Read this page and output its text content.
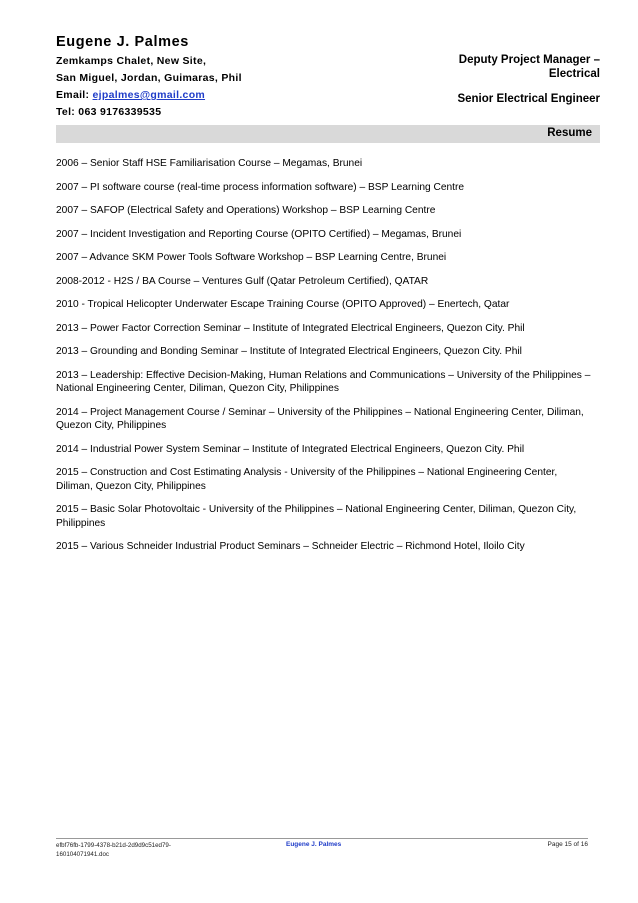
Eugene J. Palmes
Zemkamps Chalet, New Site,
San Miguel, Jordan, Guimaras, Phil
Email: ejpalmes@gmail.com
Tel: 063 9176339535
Deputy Project Manager –
Electrical
Senior Electrical Engineer
Resume

2006 – Senior Staff HSE Familiarisation Course – Megamas, Brunei

2007 – PI software course (real-time process information software) – BSP Learning Centre

2007 – SAFOP (Electrical Safety and Operations) Workshop – BSP Learning Centre

2007 – Incident Investigation and Reporting Course (OPITO Certified) – Megamas, Brunei

2007 – Advance SKM Power Tools Software Workshop – BSP Learning Centre, Brunei

2008-2012 - H2S / BA Course – Ventures Gulf (Qatar Petroleum Certified), QATAR

2010 - Tropical Helicopter Underwater Escape Training Course (OPITO Approved) – Enertech, Qatar

2013 – Power Factor Correction Seminar – Institute of Integrated Electrical Engineers, Quezon City. Phil

2013 – Grounding and Bonding Seminar – Institute of Integrated Electrical Engineers, Quezon City. Phil

2013 – Leadership: Effective Decision-Making, Human Relations and Communications – University of the Philippines – National Engineering Center, Diliman, Quezon City, Philippines

2014 – Project Management Course / Seminar – University of the Philippines – National Engineering Center, Diliman, Quezon City, Philippines

2014 – Industrial Power System Seminar – Institute of Integrated Electrical Engineers, Quezon City. Phil

2015 – Construction and Cost Estimating Analysis - University of the Philippines – National Engineering Center, Diliman, Quezon City, Philippines

2015 – Basic Solar Photovoltaic - University of the Philippines – National Engineering Center, Diliman, Quezon City, Philippines

2015 – Various Schneider Industrial Product Seminars – Schneider Electric – Richmond Hotel, Iloilo City

efbf76fb-1799-4378-b21d-2d9d9c51ed79-
160104071941.doc
Eugene J. Palmes	Page 15 of 16
